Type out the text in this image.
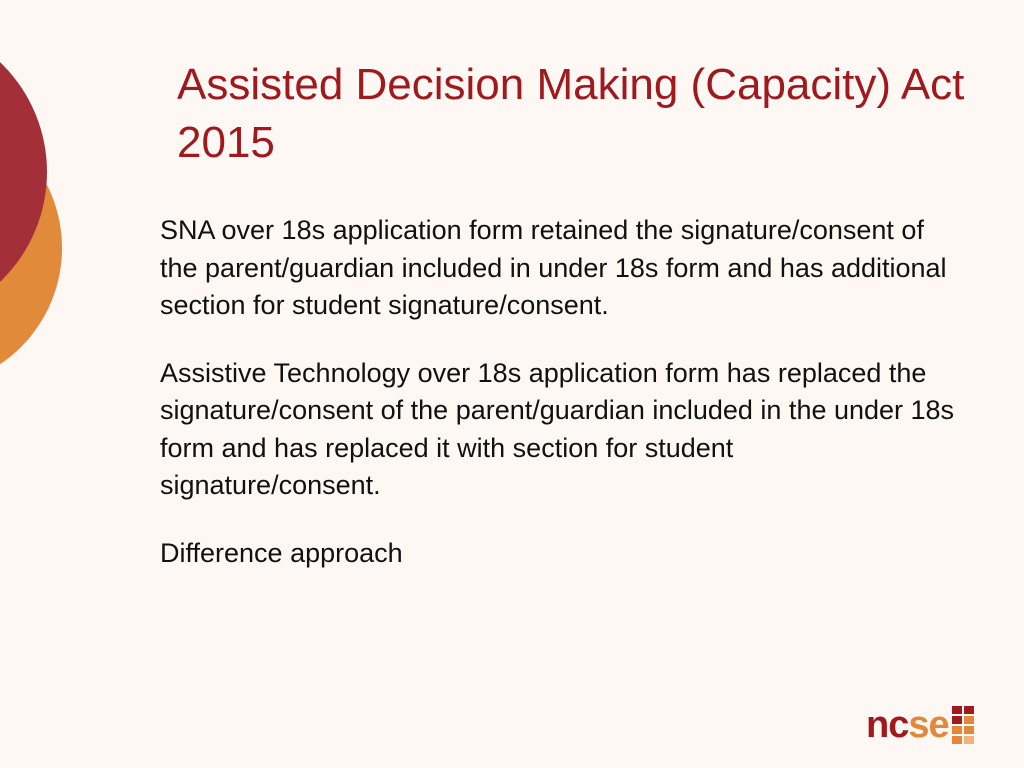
Assisted Decision Making (Capacity) Act 2015

SNA over 18s application form retained the signature/consent of the parent/guardian included in under 18s form and has additional section for student signature/consent.

Assistive Technology over 18s application form has replaced the signature/consent of the parent/guardian included in the under 18s form and has replaced it with section for student signature/consent.

Difference approach

ncse
